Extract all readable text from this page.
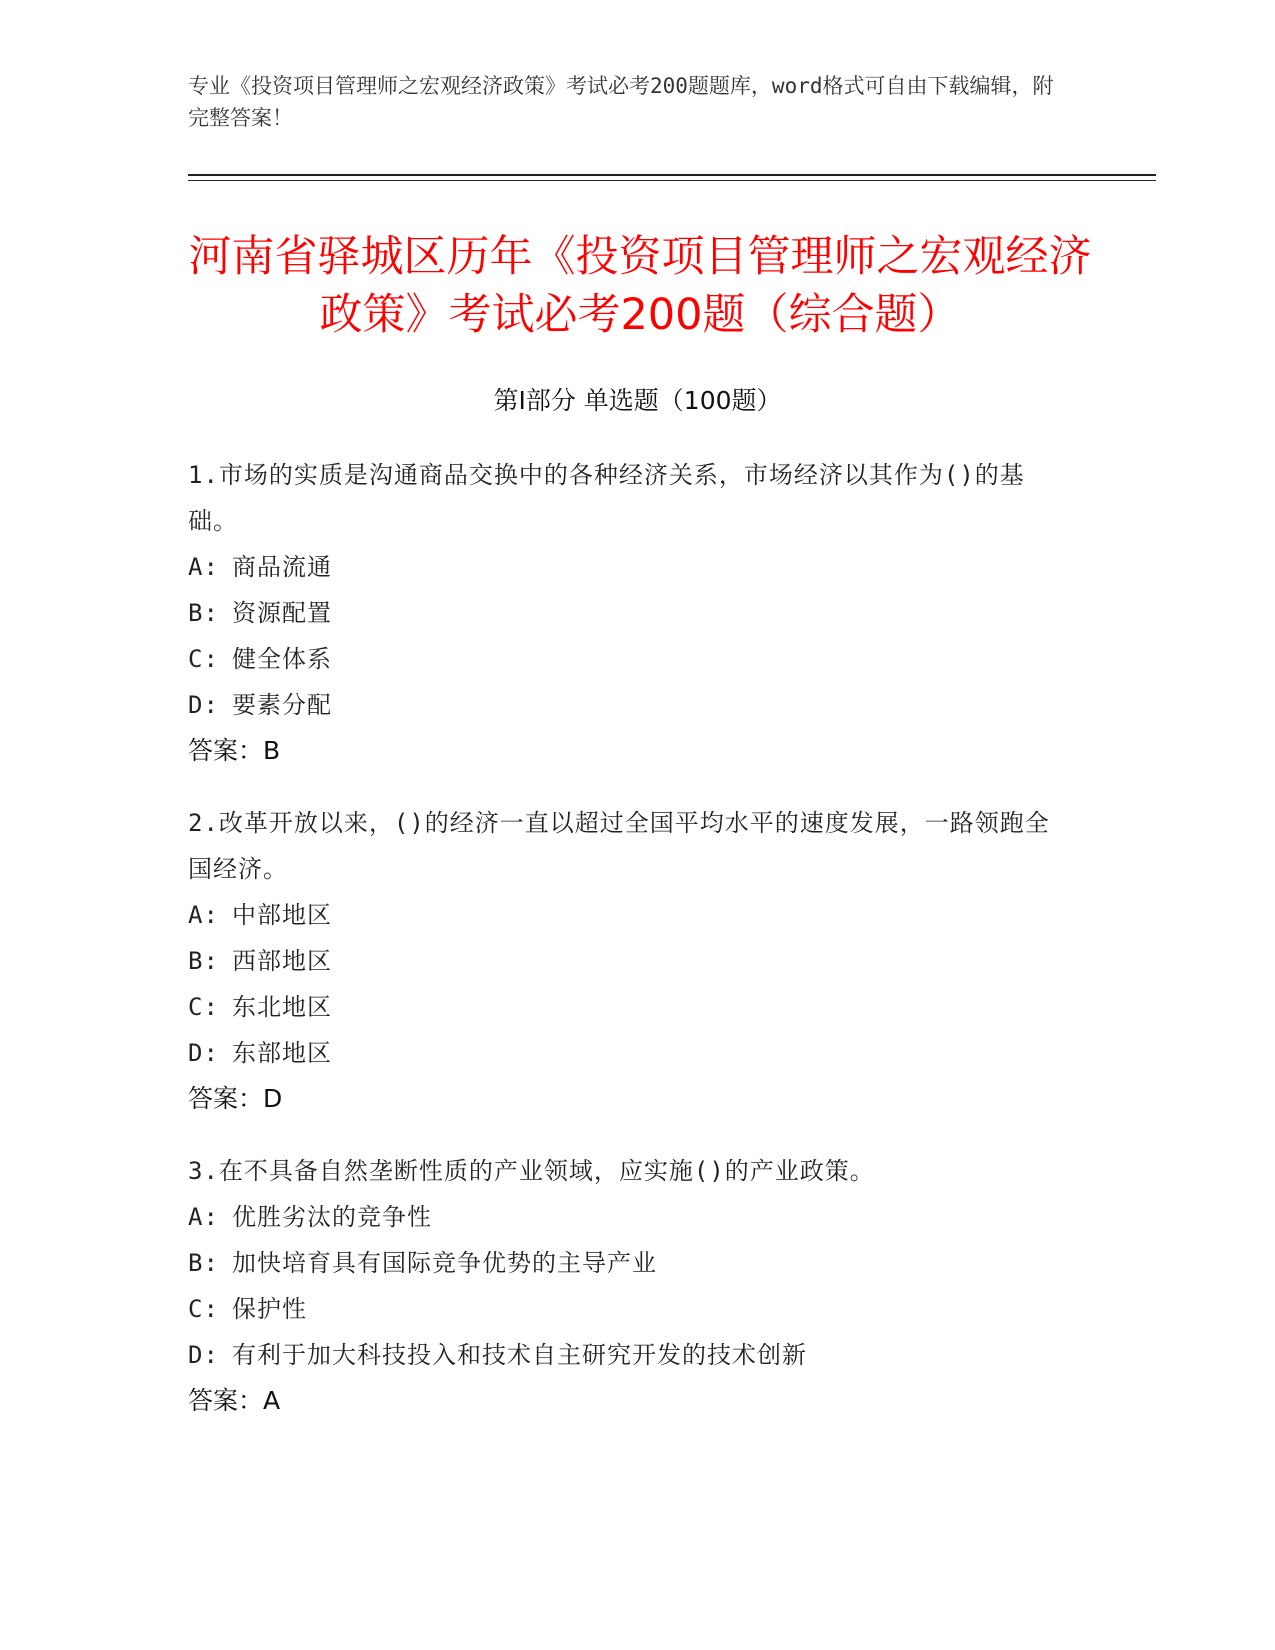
专业《投资项目管理师之宏观经济政策》考试必考200题题库，word格式可自由下载编辑，附完整答案！
河南省驿城区历年《投资项目管理师之宏观经济政策》考试必考200题（综合题）
第I部分 单选题（100题）
1.市场的实质是沟通商品交换中的各种经济关系，市场经济以其作为()的基础。
A: 商品流通
B: 资源配置
C: 健全体系
D: 要素分配
答案：B
2.改革开放以来，()的经济一直以超过全国平均水平的速度发展，一路领跑全国经济。
A: 中部地区
B: 西部地区
C: 东北地区
D: 东部地区
答案：D
3.在不具备自然垄断性质的产业领域，应实施()的产业政策。
A: 优胜劣汰的竞争性
B: 加快培育具有国际竞争优势的主导产业
C: 保护性
D: 有利于加大科技投入和技术自主研究开发的技术创新
答案：A
